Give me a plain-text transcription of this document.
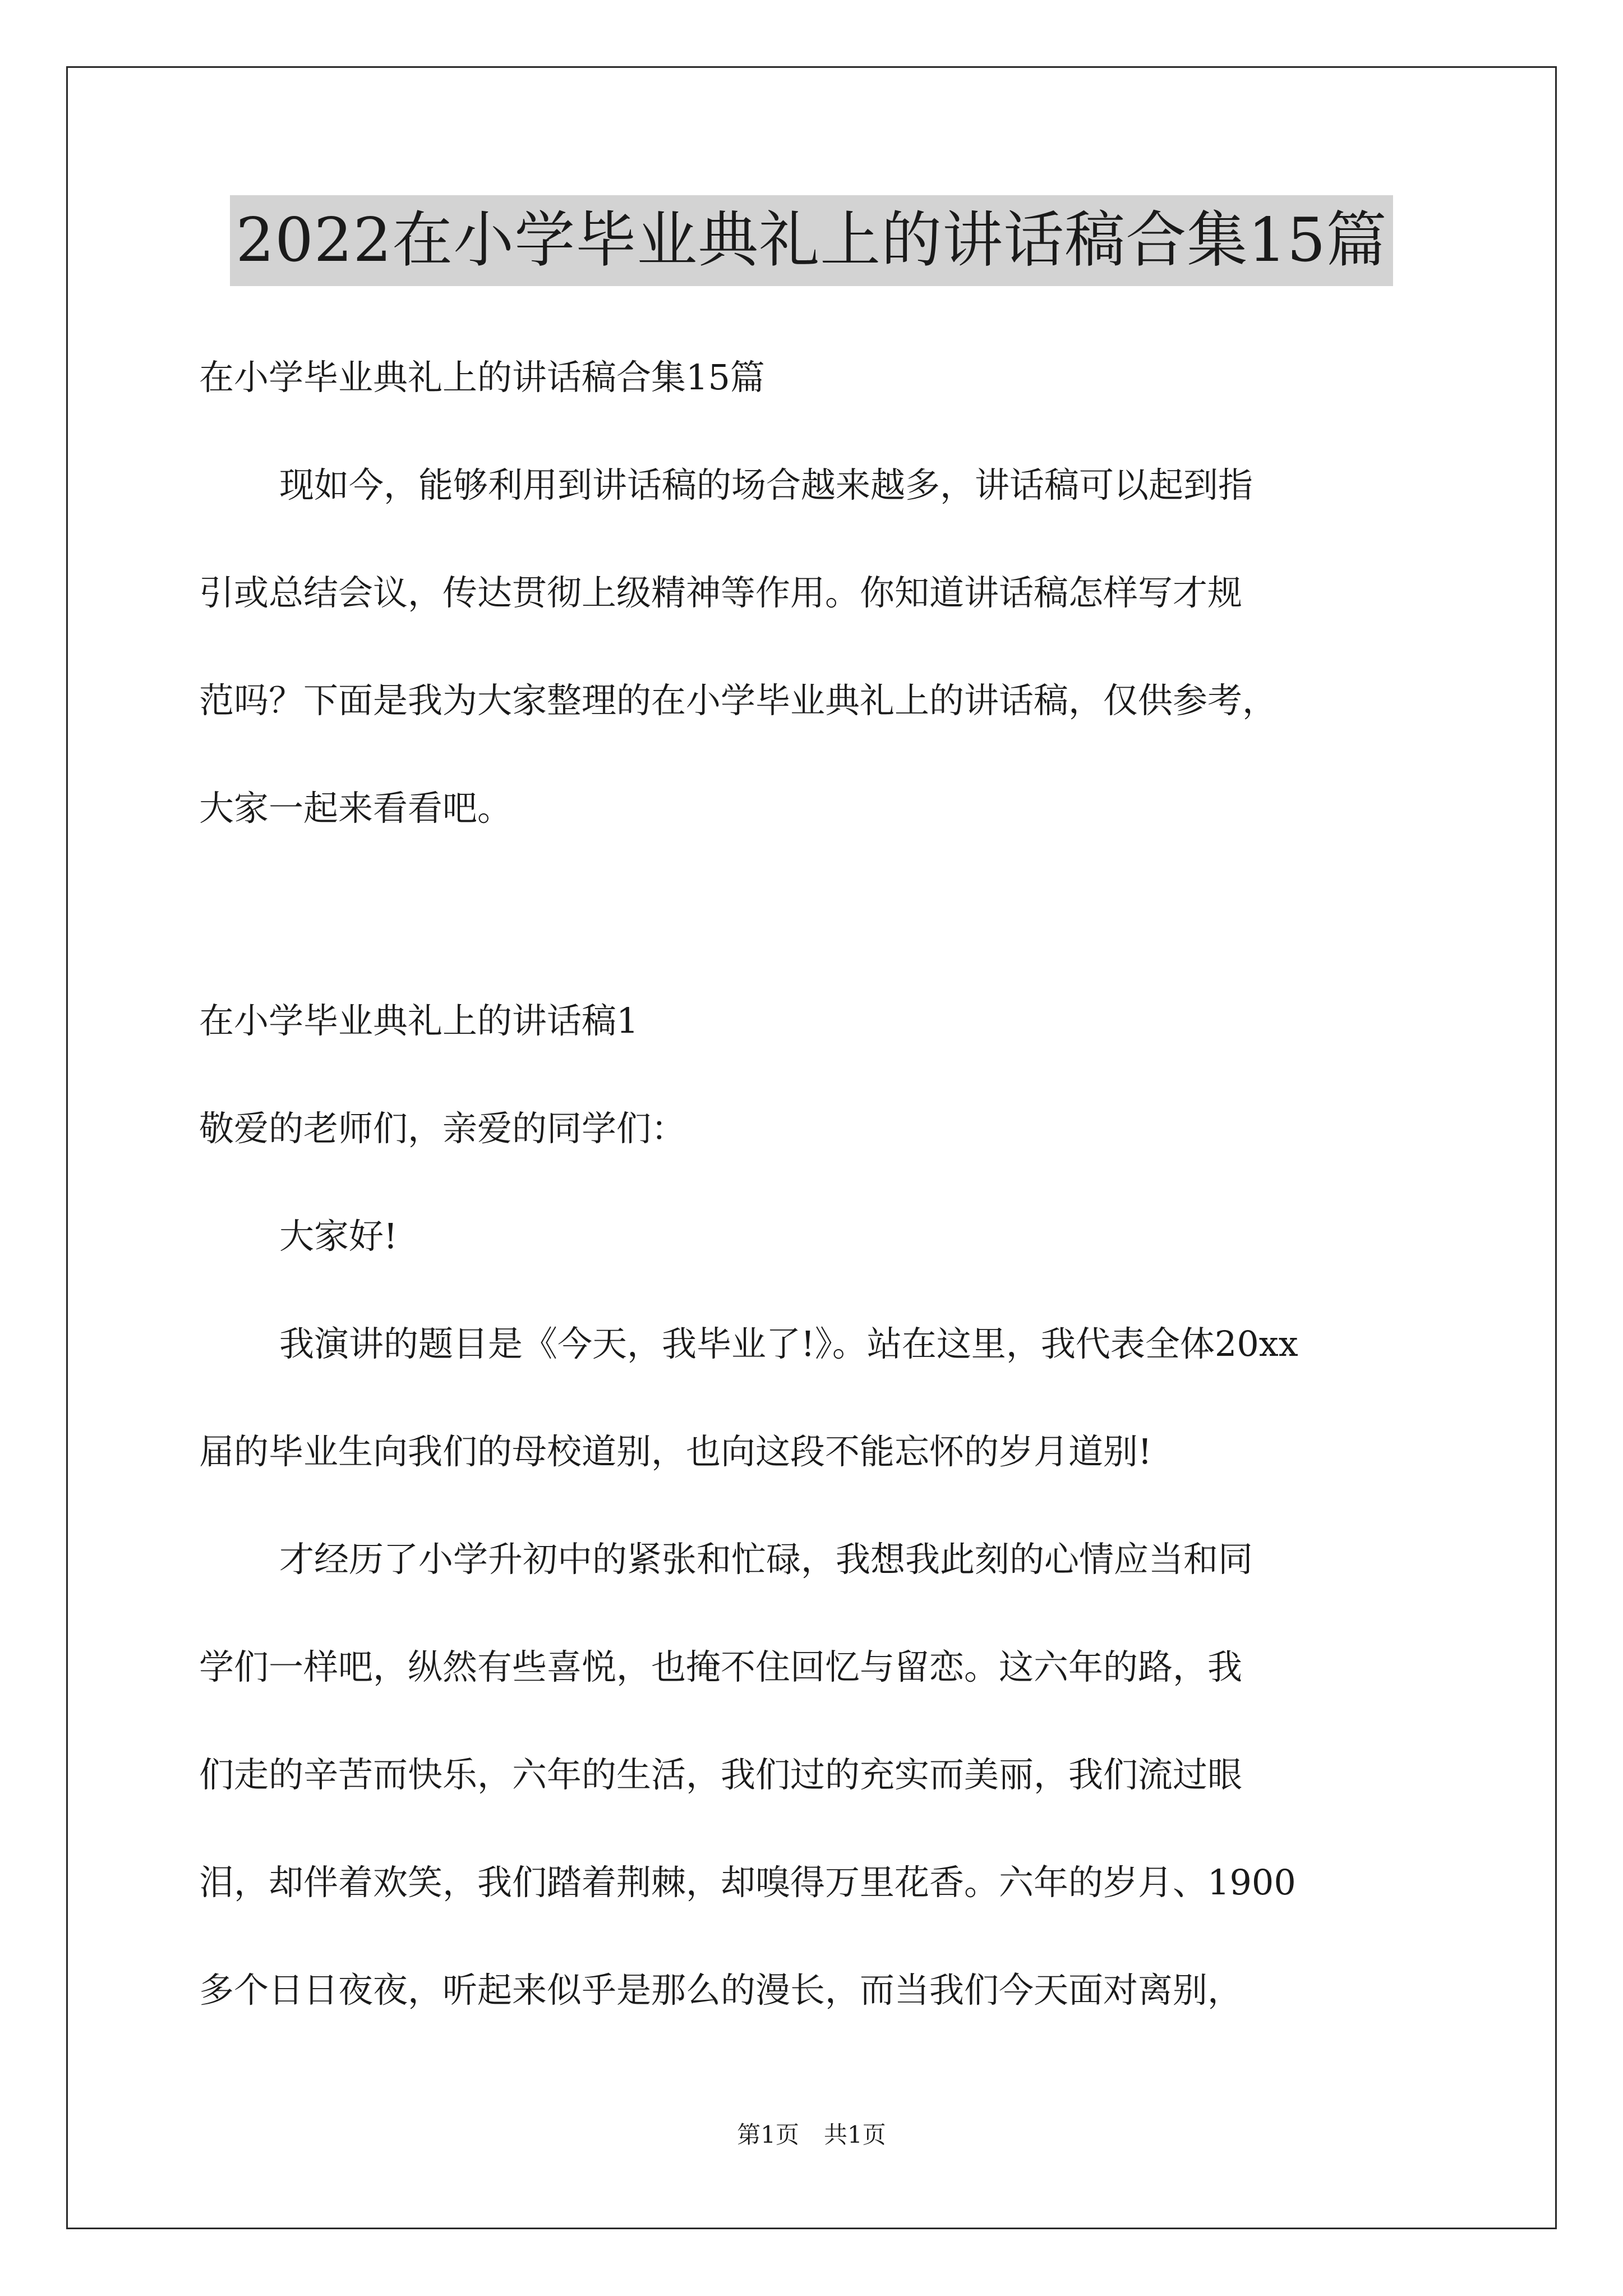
2022在小学毕业典礼上的讲话稿合集15篇
在小学毕业典礼上的讲话稿合集15篇
现如今，能够利用到讲话稿的场合越来越多，讲话稿可以起到指
引或总结会议，传达贯彻上级精神等作用。你知道讲话稿怎样写才规
范吗？下面是我为大家整理的在小学毕业典礼上的讲话稿，仅供参考，
大家一起来看看吧。
在小学毕业典礼上的讲话稿1
敬爱的老师们，亲爱的同学们：
大家好!
我演讲的题目是《今天，我毕业了!》。站在这里，我代表全体20xx
届的毕业生向我们的母校道别，也向这段不能忘怀的岁月道别!
才经历了小学升初中的紧张和忙碌，我想我此刻的心情应当和同
学们一样吧，纵然有些喜悦，也掩不住回忆与留恋。这六年的路，我
们走的辛苦而快乐，六年的生活，我们过的充实而美丽，我们流过眼
泪，却伴着欢笑，我们踏着荆棘，却嗅得万里花香。六年的岁月、1900
多个日日夜夜，听起来似乎是那么的漫长，而当我们今天面对离别，
第1页 共1页
